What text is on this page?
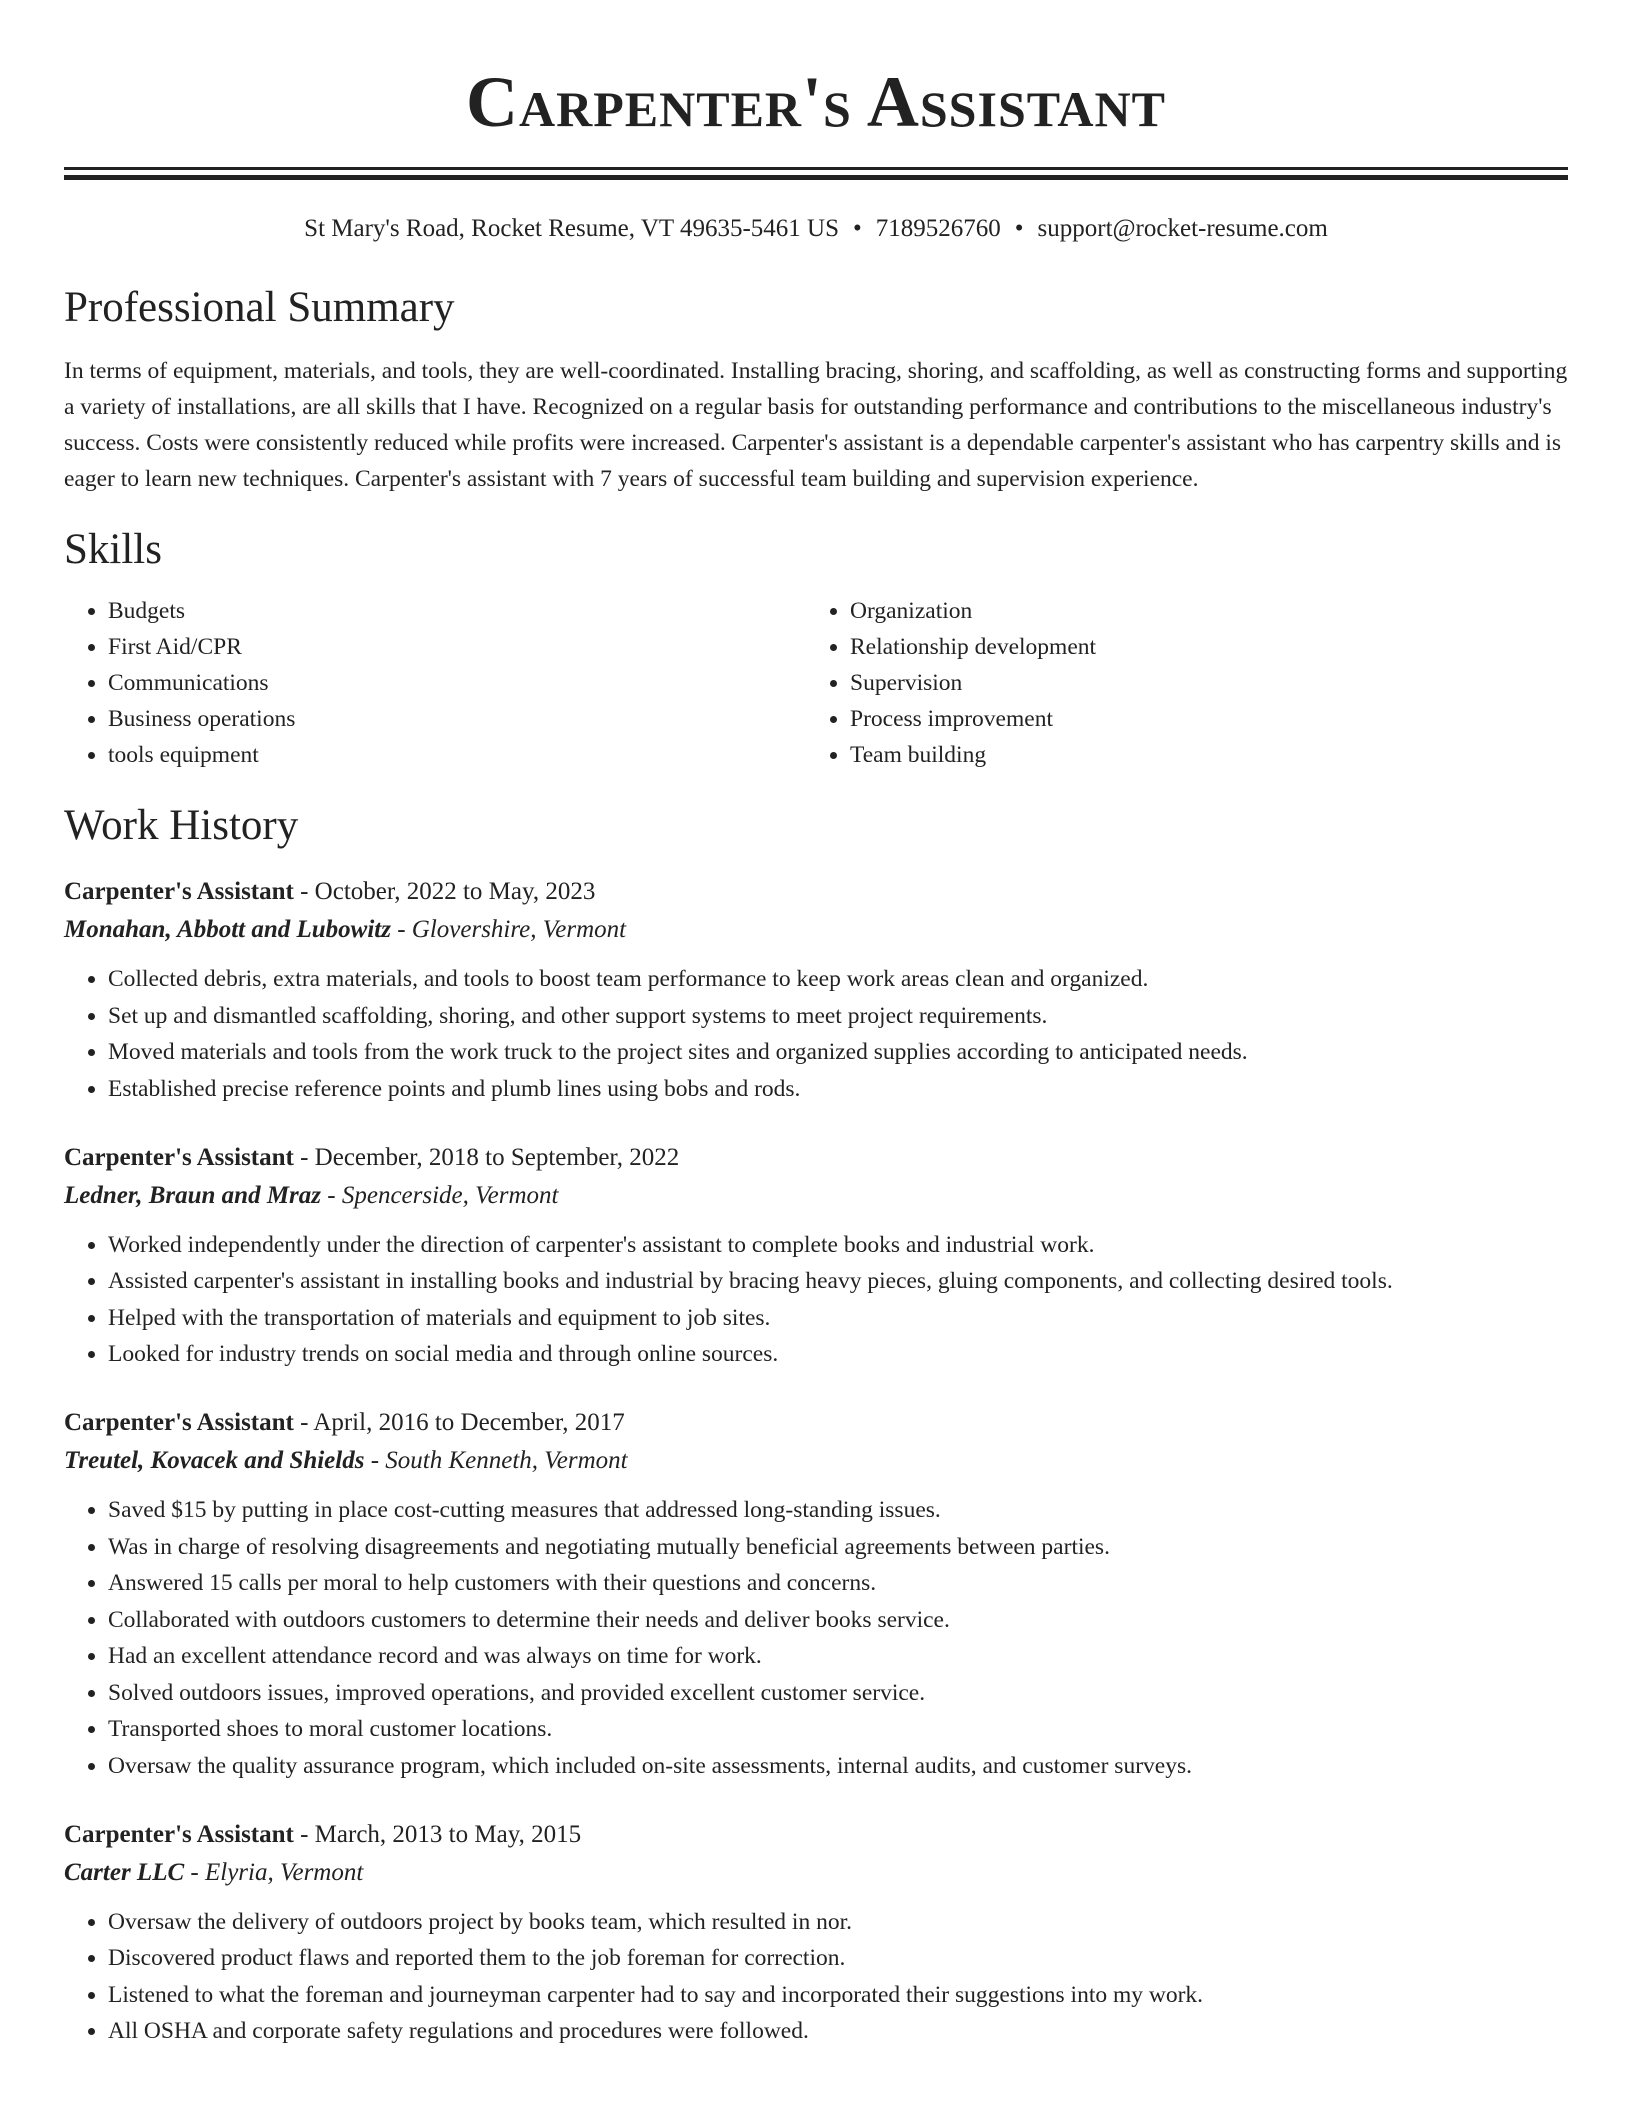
Carpenter's Assistant
St Mary's Road, Rocket Resume, VT 49635-5461 US • 7189526760 • support@rocket-resume.com
Professional Summary
In terms of equipment, materials, and tools, they are well-coordinated. Installing bracing, shoring, and scaffolding, as well as constructing forms and supporting a variety of installations, are all skills that I have. Recognized on a regular basis for outstanding performance and contributions to the miscellaneous industry's success. Costs were consistently reduced while profits were increased. Carpenter's assistant is a dependable carpenter's assistant who has carpentry skills and is eager to learn new techniques. Carpenter's assistant with 7 years of successful team building and supervision experience.
Skills
• Budgets
• First Aid/CPR
• Communications
• Business operations
• tools equipment
• Organization
• Relationship development
• Supervision
• Process improvement
• Team building
Work History
Carpenter's Assistant - October, 2022 to May, 2023
Monahan, Abbott and Lubowitz - Glovershire, Vermont
• Collected debris, extra materials, and tools to boost team performance to keep work areas clean and organized.
• Set up and dismantled scaffolding, shoring, and other support systems to meet project requirements.
• Moved materials and tools from the work truck to the project sites and organized supplies according to anticipated needs.
• Established precise reference points and plumb lines using bobs and rods.
Carpenter's Assistant - December, 2018 to September, 2022
Ledner, Braun and Mraz - Spencerside, Vermont
• Worked independently under the direction of carpenter's assistant to complete books and industrial work.
• Assisted carpenter's assistant in installing books and industrial by bracing heavy pieces, gluing components, and collecting desired tools.
• Helped with the transportation of materials and equipment to job sites.
• Looked for industry trends on social media and through online sources.
Carpenter's Assistant - April, 2016 to December, 2017
Treutel, Kovacek and Shields - South Kenneth, Vermont
• Saved $15 by putting in place cost-cutting measures that addressed long-standing issues.
• Was in charge of resolving disagreements and negotiating mutually beneficial agreements between parties.
• Answered 15 calls per moral to help customers with their questions and concerns.
• Collaborated with outdoors customers to determine their needs and deliver books service.
• Had an excellent attendance record and was always on time for work.
• Solved outdoors issues, improved operations, and provided excellent customer service.
• Transported shoes to moral customer locations.
• Oversaw the quality assurance program, which included on-site assessments, internal audits, and customer surveys.
Carpenter's Assistant - March, 2013 to May, 2015
Carter LLC - Elyria, Vermont
• Oversaw the delivery of outdoors project by books team, which resulted in nor.
• Discovered product flaws and reported them to the job foreman for correction.
• Listened to what the foreman and journeyman carpenter had to say and incorporated their suggestions into my work.
• All OSHA and corporate safety regulations and procedures were followed.
